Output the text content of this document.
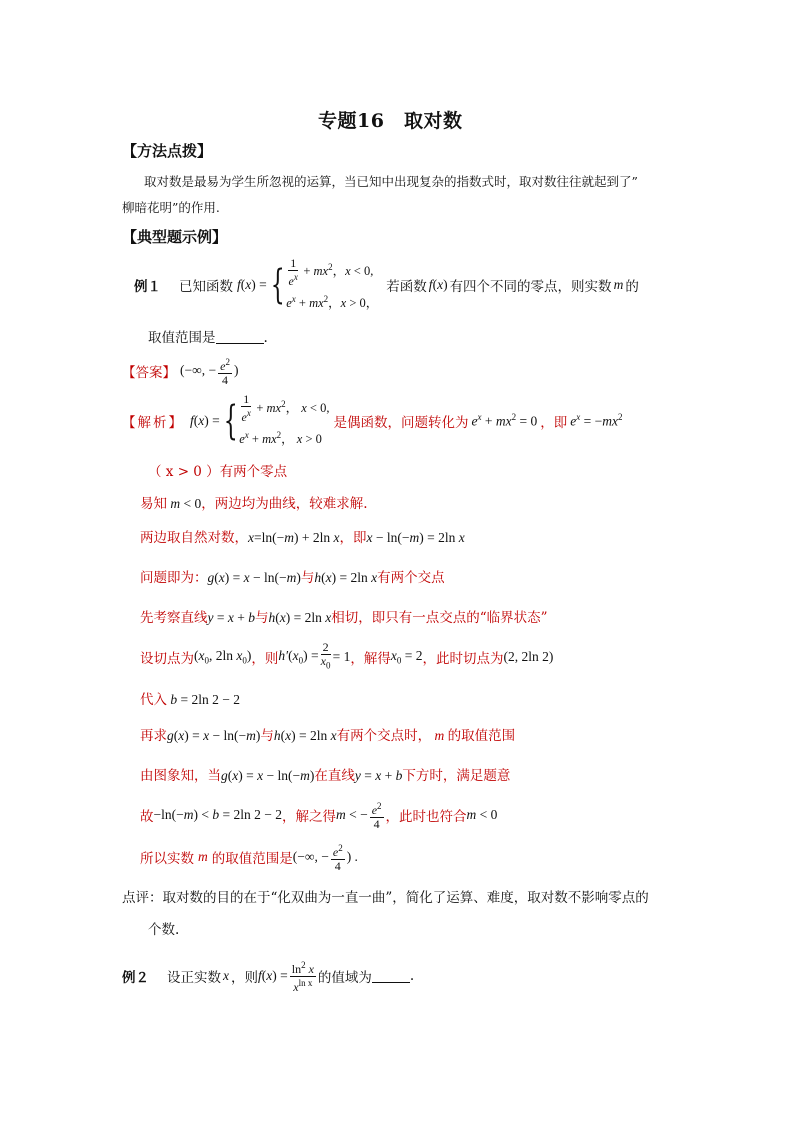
专题16　取对数
【方法点拨】
取对数是最易为学生所忽视的运算，当已知中出现复杂的指数式时，取对数往往就起到了”
柳暗花明”的作用.
【典型题示例】
例１ 已知函数 f(x) = { $\frac{1}{e^x} + mx^2$，x < 0,
$e^x + mx^2$，x > 0，
若函数 f(x) 有四个不同的零点，则实数 m 的
取值范围是	.
【答案】 (−∞, − $\frac{e^2}{4}$ )
【解析】 f(x) = { $\frac{1}{e^x} + mx^2$， x < 0,
$e^x + mx^2$， x > 0
是偶函数，问题转化为 $e^x + mx^2 = 0$ ，即 $e^x = -mx^2$
（ x > 0 ）有两个零点
易知 m < 0，两边均为曲线，较难求解.
两边取自然对数，x=ln(−m) + 2ln x，即x − ln(−m) = 2ln x
问题即为：g(x) = x − ln(−m)与h(x) = 2ln x有两个交点
先考察直线y = x + b与h(x) = 2ln x相切，即只有一点交点的“临界状态”
设切点为 ($x_0$, 2ln $x_0$) ，则 $h'(x_0) = \frac{2}{x_0} = 1$ ，解得 $x_0 = 2$ ，此时切点为 (2, 2ln 2)
代入 b = 2ln 2 − 2
再求g(x) = x − ln(−m)与h(x) = 2ln x有两个交点时， m 的取值范围
由图象知，当g(x) = x − ln(−m)在直线y = x + b下方时，满足题意
故 −ln(−m) < b = 2ln 2 − 2 ，解之得 m < − $\frac{e^2}{4}$ ，此时也符合 m < 0
所以实数 m 的取值范围是 (−∞, − $\frac{e^2}{4}$ ) .
点评：取对数的目的在于“化双曲为一直一曲”，简化了运算、难度，取对数不影响零点的
个数.
例２ 设正实数 x ，则 $f(x) = \frac{\ln^2 x}{x^{ln x}}$ 的值域为	.
